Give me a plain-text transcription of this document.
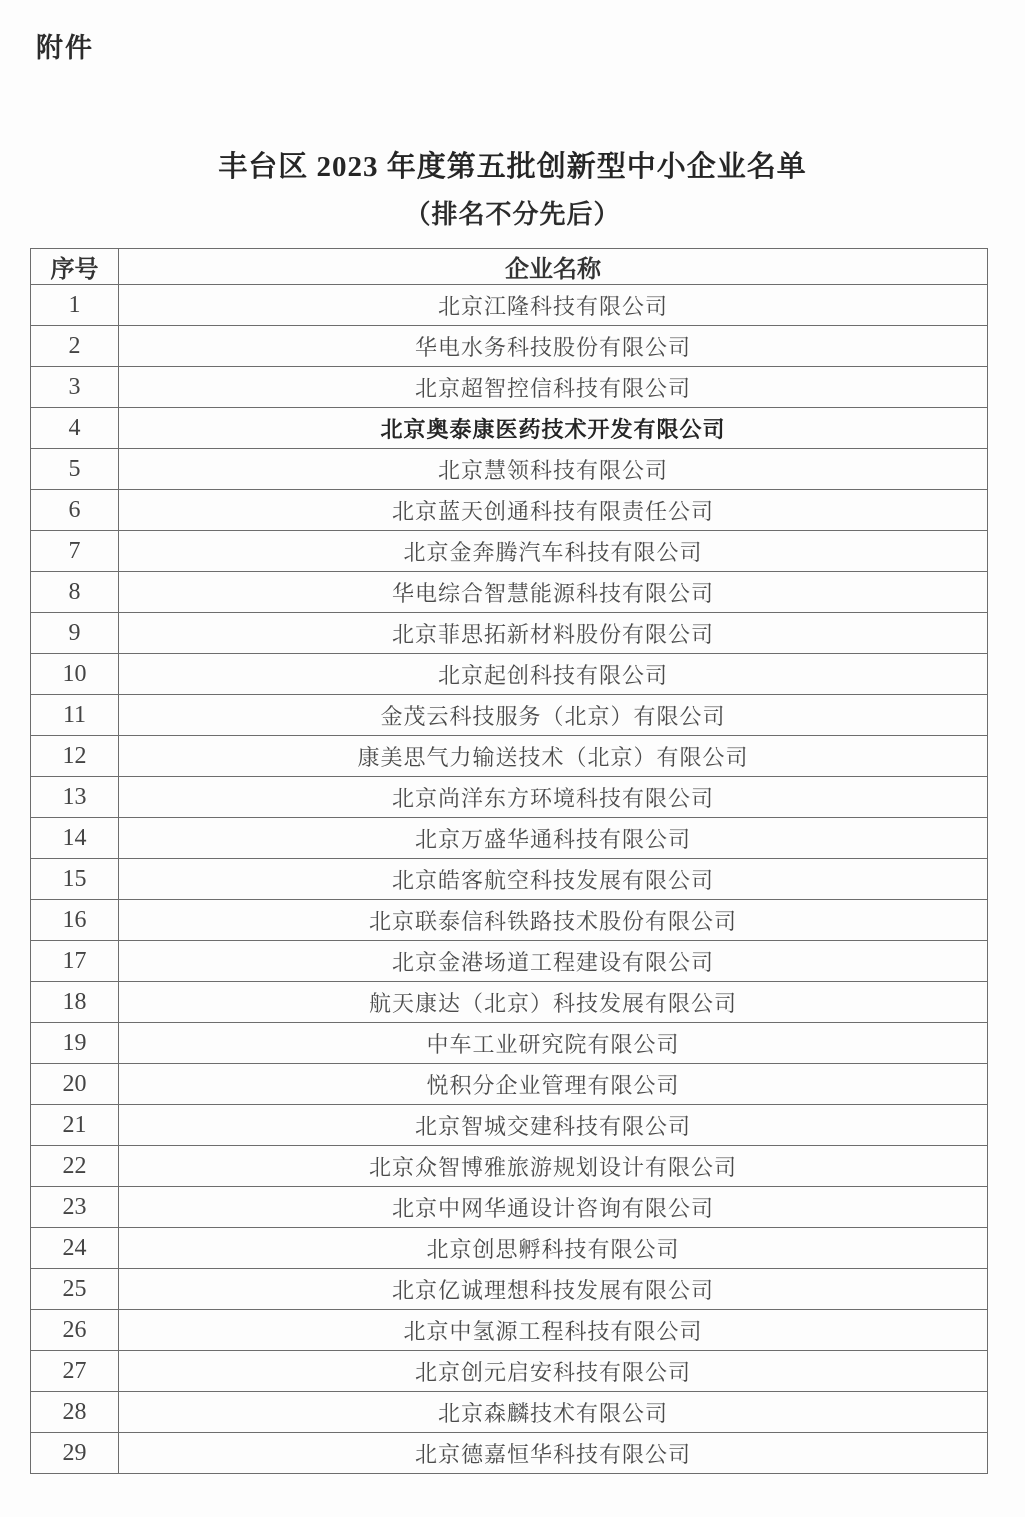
附件
丰台区 2023 年度第五批创新型中小企业名单
（排名不分先后）
序号	企业名称
1	北京江隆科技有限公司
2	华电水务科技股份有限公司
3	北京超智控信科技有限公司
4	北京奥泰康医药技术开发有限公司
5	北京慧领科技有限公司
6	北京蓝天创通科技有限责任公司
7	北京金奔腾汽车科技有限公司
8	华电综合智慧能源科技有限公司
9	北京菲思拓新材料股份有限公司
10	北京起创科技有限公司
11	金茂云科技服务（北京）有限公司
12	康美思气力输送技术（北京）有限公司
13	北京尚洋东方环境科技有限公司
14	北京万盛华通科技有限公司
15	北京皓客航空科技发展有限公司
16	北京联泰信科铁路技术股份有限公司
17	北京金港场道工程建设有限公司
18	航天康达（北京）科技发展有限公司
19	中车工业研究院有限公司
20	悦积分企业管理有限公司
21	北京智城交建科技有限公司
22	北京众智博雅旅游规划设计有限公司
23	北京中网华通设计咨询有限公司
24	北京创思孵科技有限公司
25	北京亿诚理想科技发展有限公司
26	北京中氢源工程科技有限公司
27	北京创元启安科技有限公司
28	北京森麟技术有限公司
29	北京德嘉恒华科技有限公司
